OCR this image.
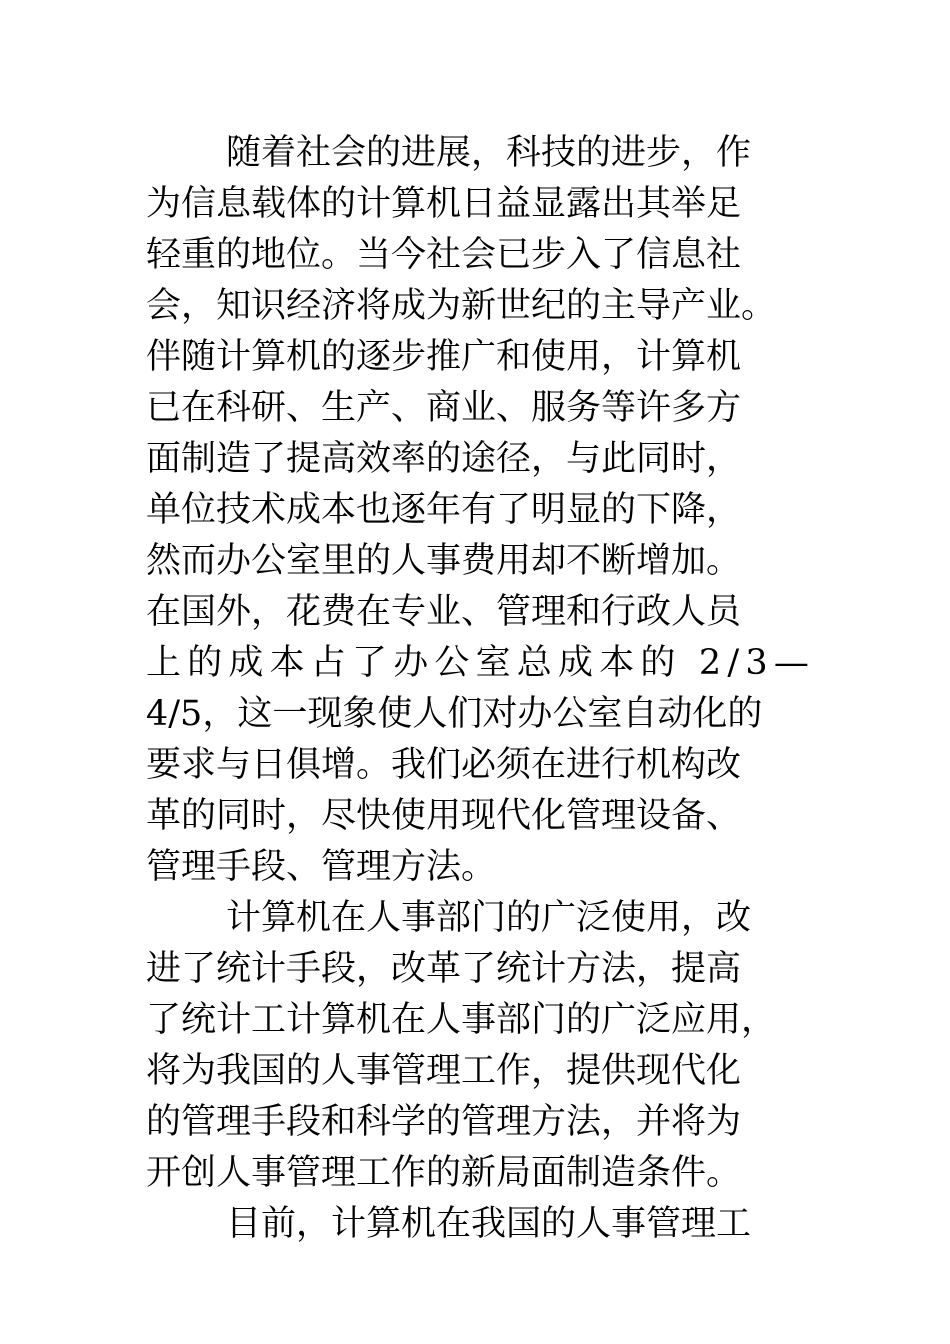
随着社会的进展，科技的进步，作
为信息载体的计算机日益显露出其举足
轻重的地位。当今社会已步入了信息社
会，知识经济将成为新世纪的主导产业。
伴随计算机的逐步推广和使用，计算机
已在科研、生产、商业、服务等许多方
面制造了提高效率的途径，与此同时，
单位技术成本也逐年有了明显的下降，
然而办公室里的人事费用却不断增加。
在国外，花费在专业、管理和行政人员
上的成本占了办公室总成本的 2/3—
4/5，这一现象使人们对办公室自动化的
要求与日俱增。我们必须在进行机构改
革的同时，尽快使用现代化管理设备、
管理手段、管理方法。
计算机在人事部门的广泛使用，改
进了统计手段，改革了统计方法，提高
了统计工计算机在人事部门的广泛应用，
将为我国的人事管理工作，提供现代化
的管理手段和科学的管理方法，并将为
开创人事管理工作的新局面制造条件。
目前，计算机在我国的人事管理工
